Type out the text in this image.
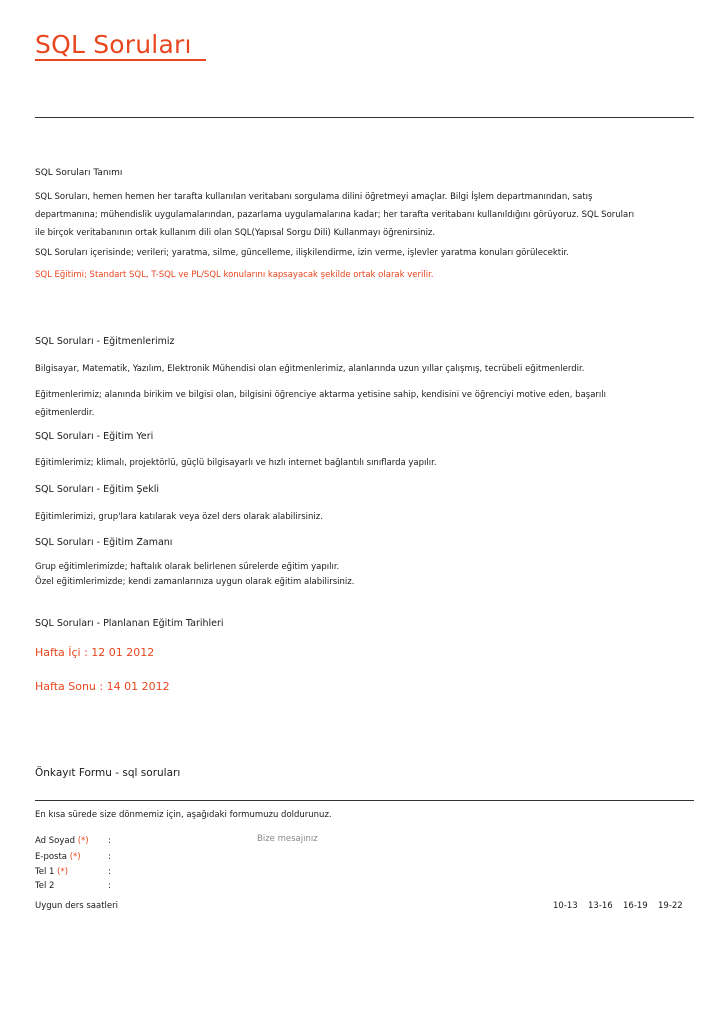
SQL Soruları
SQL Soruları Tanımı
SQL Soruları, hemen hemen her tarafta kullanılan veritabanı sorgulama dilini öğretmeyi amaçlar. Bilgi İşlem departmanından, satış
departmanına; mühendislik uygulamalarından, pazarlama uygulamalarına kadar; her tarafta veritabanı kullanıldığını görüyoruz. SQL Soruları
ile birçok veritabanının ortak kullanım dili olan SQL(Yapısal Sorgu Dili) Kullanmayı öğrenirsiniz.
SQL Soruları içerisinde; verileri; yaratma, silme, güncelleme, ilişkilendirme, izin verme, işlevler yaratma konuları görülecektir.
SQL Eğitimi; Standart SQL, T-SQL ve PL/SQL konularını kapsayacak şekilde ortak olarak verilir.
SQL Soruları - Eğitmenlerimiz
Bilgisayar, Matematik, Yazılım, Elektronik Mühendisi olan eğitmenlerimiz, alanlarında uzun yıllar çalışmış, tecrübeli eğitmenlerdir.
Eğitmenlerimiz; alanında birikim ve bilgisi olan, bilgisini öğrenciye aktarma yetisine sahip, kendisini ve öğrenciyi motive eden, başarılı
eğitmenlerdir.
SQL Soruları - Eğitim Yeri
Eğitimlerimiz; klimalı, projektörlü, güçlü bilgisayarlı ve hızlı internet bağlantılı sınıflarda yapılır.
SQL Soruları - Eğitim Şekli
Eğitimlerimizi, grup'lara katılarak veya özel ders olarak alabilirsiniz.
SQL Soruları - Eğitim Zamanı
Grup eğitimlerimizde; haftalık olarak belirlenen sürelerde eğitim yapılır.
Özel eğitimlerimizde; kendi zamanlarınıza uygun olarak eğitim alabilirsiniz.
SQL Soruları - Planlanan Eğitim Tarihleri
Hafta İçi : 12 01 2012
Hafta Sonu : 14 01 2012
Önkayıt Formu - sql soruları
En kısa sürede size dönmemiz için, aşağıdaki formumuzu doldurunuz.
Ad Soyad (*) :
E-posta (*)	:
Tel 1 (*)	:
Tel 2	:
Bize mesajınız
Uygun ders saatleri	10-13 13-16 16-19 19-22
